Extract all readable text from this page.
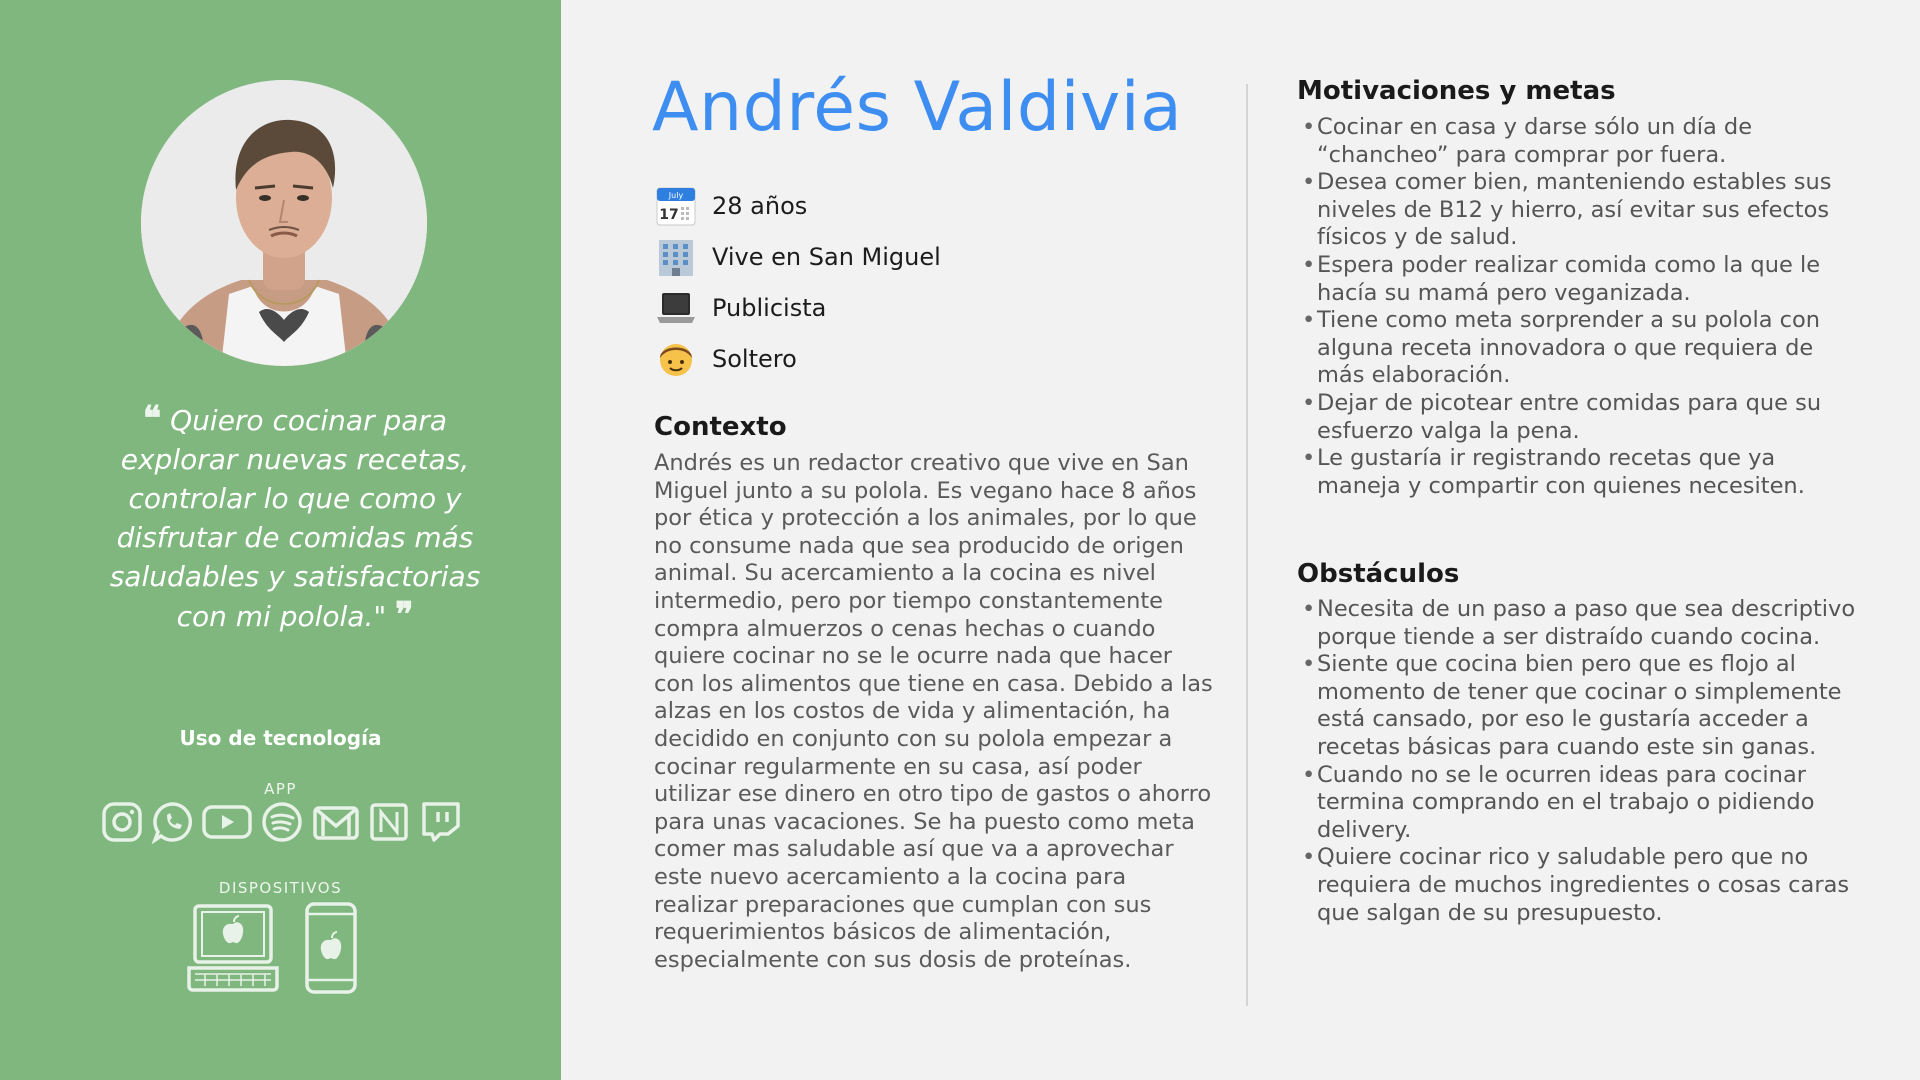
❝ Quiero cocinar para explorar nuevas recetas, controlar lo que como y disfrutar de comidas más saludables y satisfactorias con mi polola." ❞
Uso de tecnología
APP
DISPOSITIVOS
Andrés Valdivia
July
17 28 años
Vive en San Miguel
Publicista
Soltero
Contexto
Andrés es un redactor creativo que vive en San Miguel junto a su polola. Es vegano hace 8 años por ética y protección a los animales, por lo que no consume nada que sea producido de origen animal. Su acercamiento a la cocina es nivel intermedio, pero por tiempo constantemente compra almuerzos o cenas hechas o cuando quiere cocinar no se le ocurre nada que hacer con los alimentos que tiene en casa. Debido a las alzas en los costos de vida y alimentación, ha decidido en conjunto con su polola empezar a cocinar regularmente en su casa, así poder utilizar ese dinero en otro tipo de gastos o ahorro para unas vacaciones. Se ha puesto como meta comer mas saludable así que va a aprovechar este nuevo acercamiento a la cocina para realizar preparaciones que cumplan con sus requerimientos básicos de alimentación, especialmente con sus dosis de proteínas.
Motivaciones y metas
• Cocinar en casa y darse sólo un día de “chancheo” para comprar por fuera.
• Desea comer bien, manteniendo estables sus niveles de B12 y hierro, así evitar sus efectos físicos y de salud.
• Espera poder realizar comida como la que le hacía su mamá pero veganizada.
• Tiene como meta sorprender a su polola con alguna receta innovadora o que requiera de más elaboración.
• Dejar de picotear entre comidas para que su esfuerzo valga la pena.
• Le gustaría ir registrando recetas que ya maneja y compartir con quienes necesiten.
Obstáculos
• Necesita de un paso a paso que sea descriptivo porque tiende a ser distraído cuando cocina.
• Siente que cocina bien pero que es flojo al momento de tener que cocinar o simplemente está cansado, por eso le gustaría acceder a recetas básicas para cuando este sin ganas.
• Cuando no se le ocurren ideas para cocinar termina comprando en el trabajo o pidiendo delivery.
• Quiere cocinar rico y saludable pero que no requiera de muchos ingredientes o cosas caras que salgan de su presupuesto.
